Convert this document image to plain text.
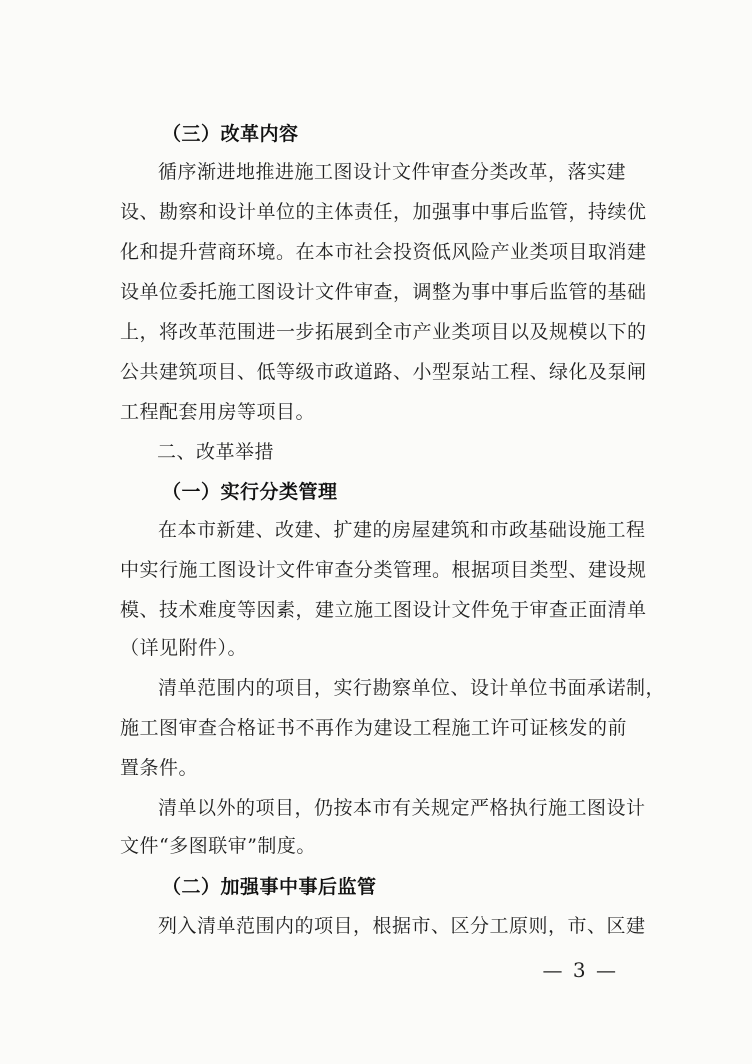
（三）改革内容
循序渐进地推进施工图设计文件审查分类改革，落实建
设、勘察和设计单位的主体责任，加强事中事后监管，持续优
化和提升营商环境。在本市社会投资低风险产业类项目取消建
设单位委托施工图设计文件审查，调整为事中事后监管的基础
上，将改革范围进一步拓展到全市产业类项目以及规模以下的
公共建筑项目、低等级市政道路、小型泵站工程、绿化及泵闸
工程配套用房等项目。
二、改革举措
（一）实行分类管理
在本市新建、改建、扩建的房屋建筑和市政基础设施工程
中实行施工图设计文件审查分类管理。根据项目类型、建设规
模、技术难度等因素，建立施工图设计文件免于审查正面清单
（详见附件）。
清单范围内的项目，实行勘察单位、设计单位书面承诺制，
施工图审查合格证书不再作为建设工程施工许可证核发的前
置条件。
清单以外的项目，仍按本市有关规定严格执行施工图设计
文件“多图联审”制度。
（二）加强事中事后监管
列入清单范围内的项目，根据市、区分工原则，市、区建
— 3 —
